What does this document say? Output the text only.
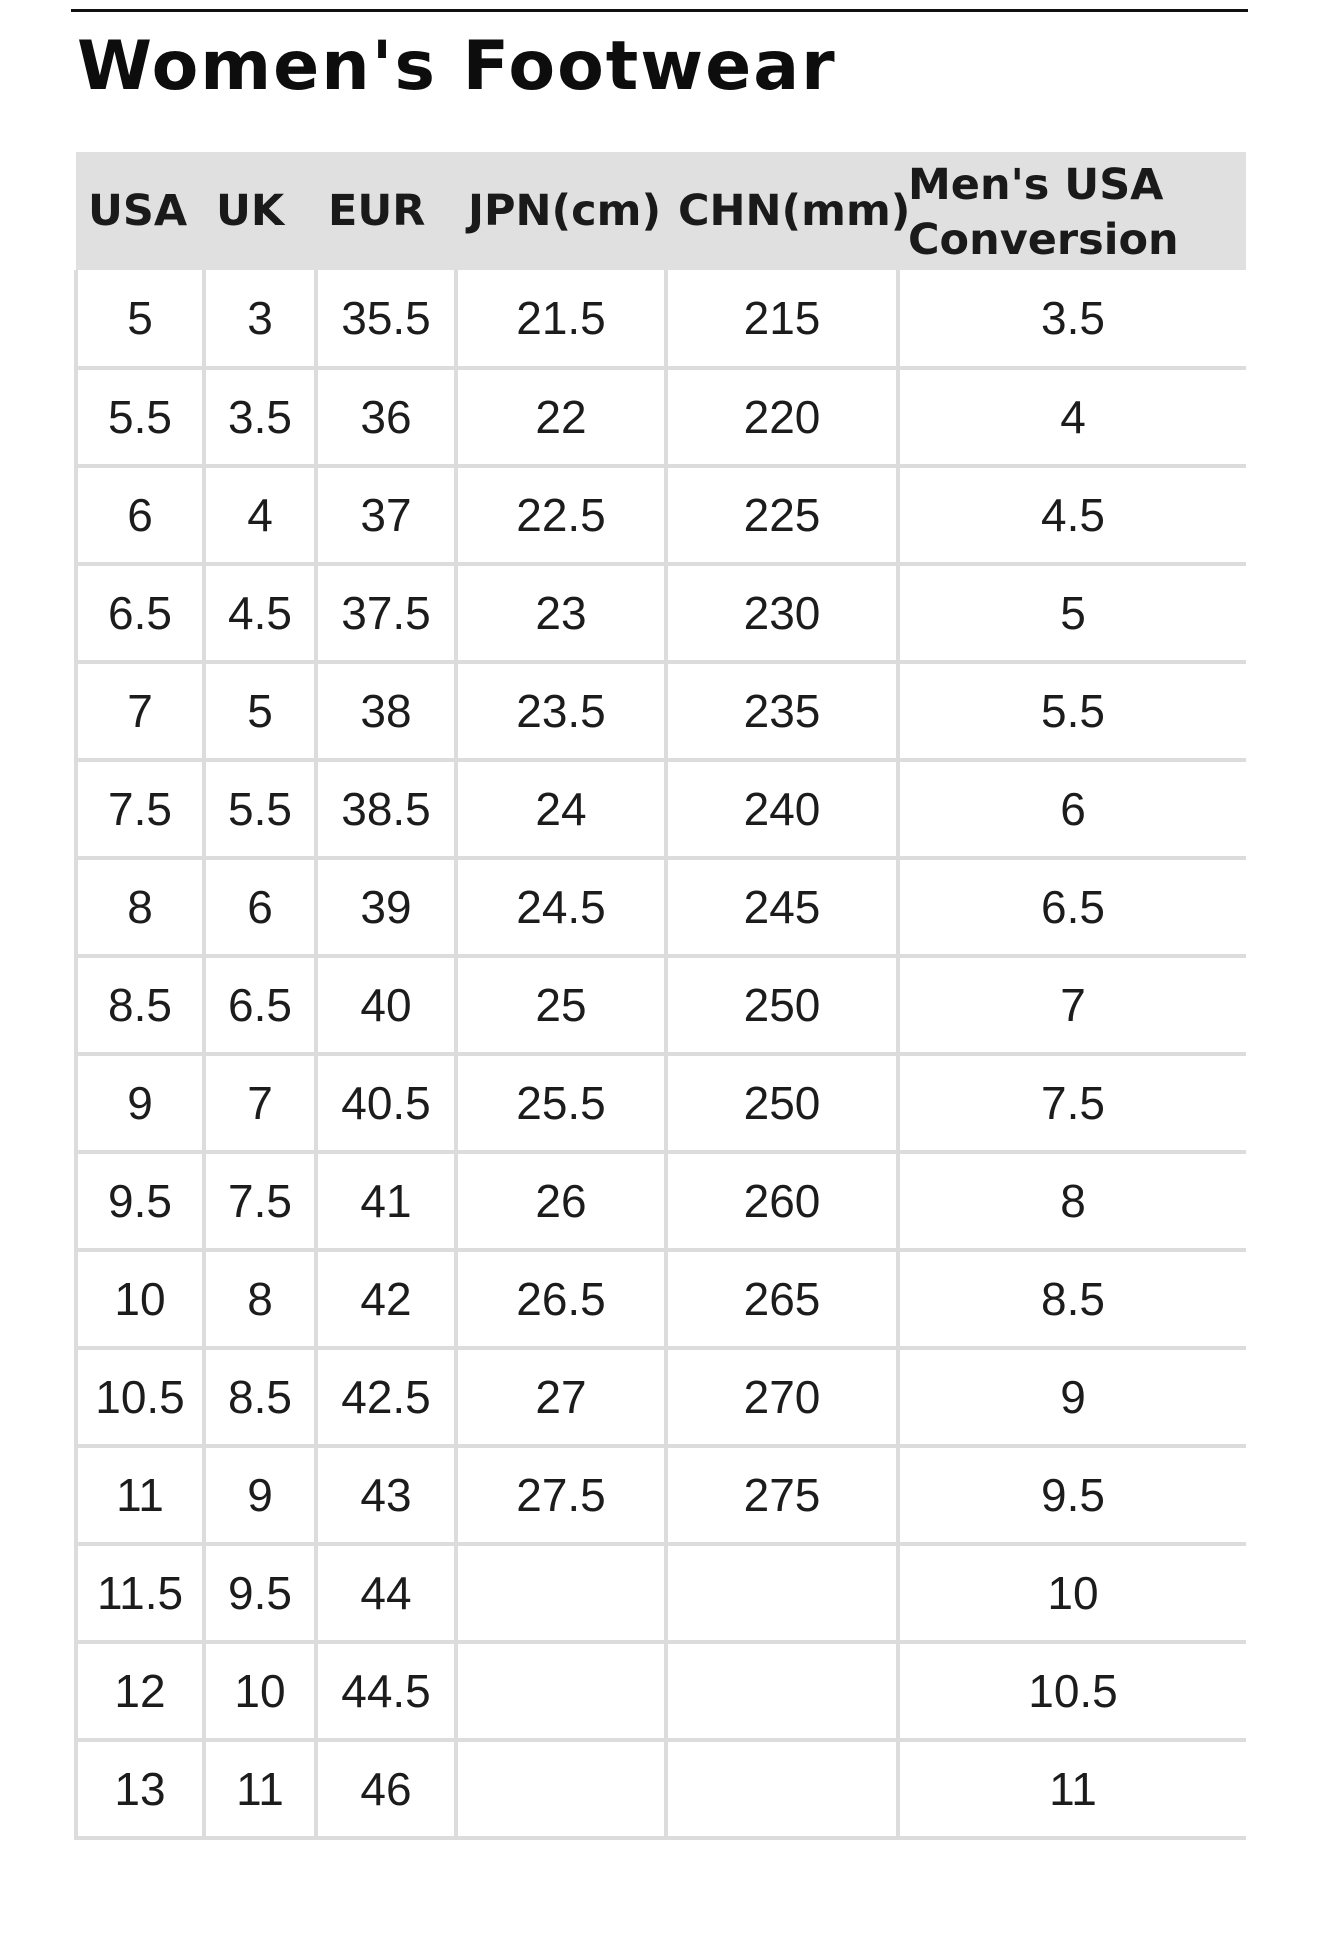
Women's Footwear
USA	UK	EUR	JPN(cm)	CHN(mm)	Men's USA
Conversion

5	3	35.5	21.5	215	3.5
5.5	3.5	36	22	220	4
6	4	37	22.5	225	4.5
6.5	4.5	37.5	23	230	5
7	5	38	23.5	235	5.5
7.5	5.5	38.5	24	240	6
8	6	39	24.5	245	6.5
8.5	6.5	40	25	250	7
9	7	40.5	25.5	250	7.5
9.5	7.5	41	26	260	8
10	8	42	26.5	265	8.5
10.5	8.5	42.5	27	270	9
11	9	43	27.5	275	9.5
11.5	9.5	44			10
12	10	44.5			10.5
13	11	46			11
